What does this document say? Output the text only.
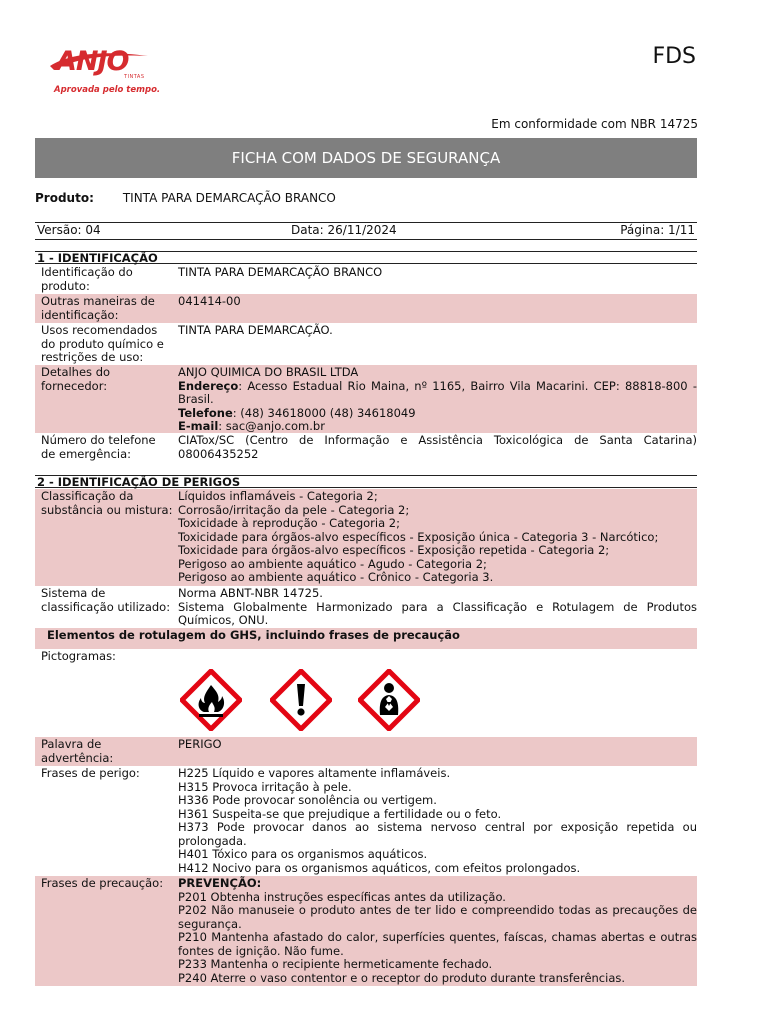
ANJO
TINTAS
Aprovada pelo tempo.
FDS
Em conformidade com NBR 14725
FICHA COM DADOS DE SEGURANÇA
Produto: TINTA PARA DEMARCAÇÃO BRANCO
Versão: 04	Data: 26/11/2024	Página: 1/11
1 - IDENTIFICAÇÃO
Identificação do produto:
TINTA PARA DEMARCAÇÃO BRANCO
Outras maneiras de identificação:
041414-00
Usos recomendados do produto químico e restrições de uso:
TINTA PARA DEMARCAÇÃO.
Detalhes do fornecedor:
ANJO QUIMICA DO BRASIL LTDA
Endereço: Acesso Estadual Rio Maina, nº 1165, Bairro Vila Macarini. CEP: 88818-800 - Brasil.
Telefone: (48) 34618000 (48) 34618049
E-mail: sac@anjo.com.br
Número do telefone de emergência:
CIATox/SC (Centro de Informação e Assistência Toxicológica de Santa Catarina) 08006435252
2 - IDENTIFICAÇÃO DE PERIGOS
Classificação da substância ou mistura:
Líquidos inflamáveis - Categoria 2;
Corrosão/irritação da pele - Categoria 2;
Toxicidade à reprodução - Categoria 2;
Toxicidade para órgãos-alvo específicos - Exposição única - Categoria 3 - Narcótico;
Toxicidade para órgãos-alvo específicos - Exposição repetida - Categoria 2;
Perigoso ao ambiente aquático - Agudo - Categoria 2;
Perigoso ao ambiente aquático - Crônico - Categoria 3.
Sistema de classificação utilizado:
Norma ABNT-NBR 14725.
Sistema Globalmente Harmonizado para a Classificação e Rotulagem de Produtos Químicos, ONU.
Elementos de rotulagem do GHS, incluindo frases de precaução
Pictogramas:
Palavra de advertência:
PERIGO
Frases de perigo:	H225 Líquido e vapores altamente inflamáveis.
H315 Provoca irritação à pele.
H336 Pode provocar sonolência ou vertigem.
H361 Suspeita-se que prejudique a fertilidade ou o feto.
H373 Pode provocar danos ao sistema nervoso central por exposição repetida ou prolongada.
H401 Tóxico para os organismos aquáticos.
H412 Nocivo para os organismos aquáticos, com efeitos prolongados.
Frases de precaução:	PREVENÇÃO:
P201 Obtenha instruções específicas antes da utilização.
P202 Não manuseie o produto antes de ter lido e compreendido todas as precauções de segurança.
P210 Mantenha afastado do calor, superfícies quentes, faíscas, chamas abertas e outras fontes de ignição. Não fume.
P233 Mantenha o recipiente hermeticamente fechado.
P240 Aterre o vaso contentor e o receptor do produto durante transferências.
